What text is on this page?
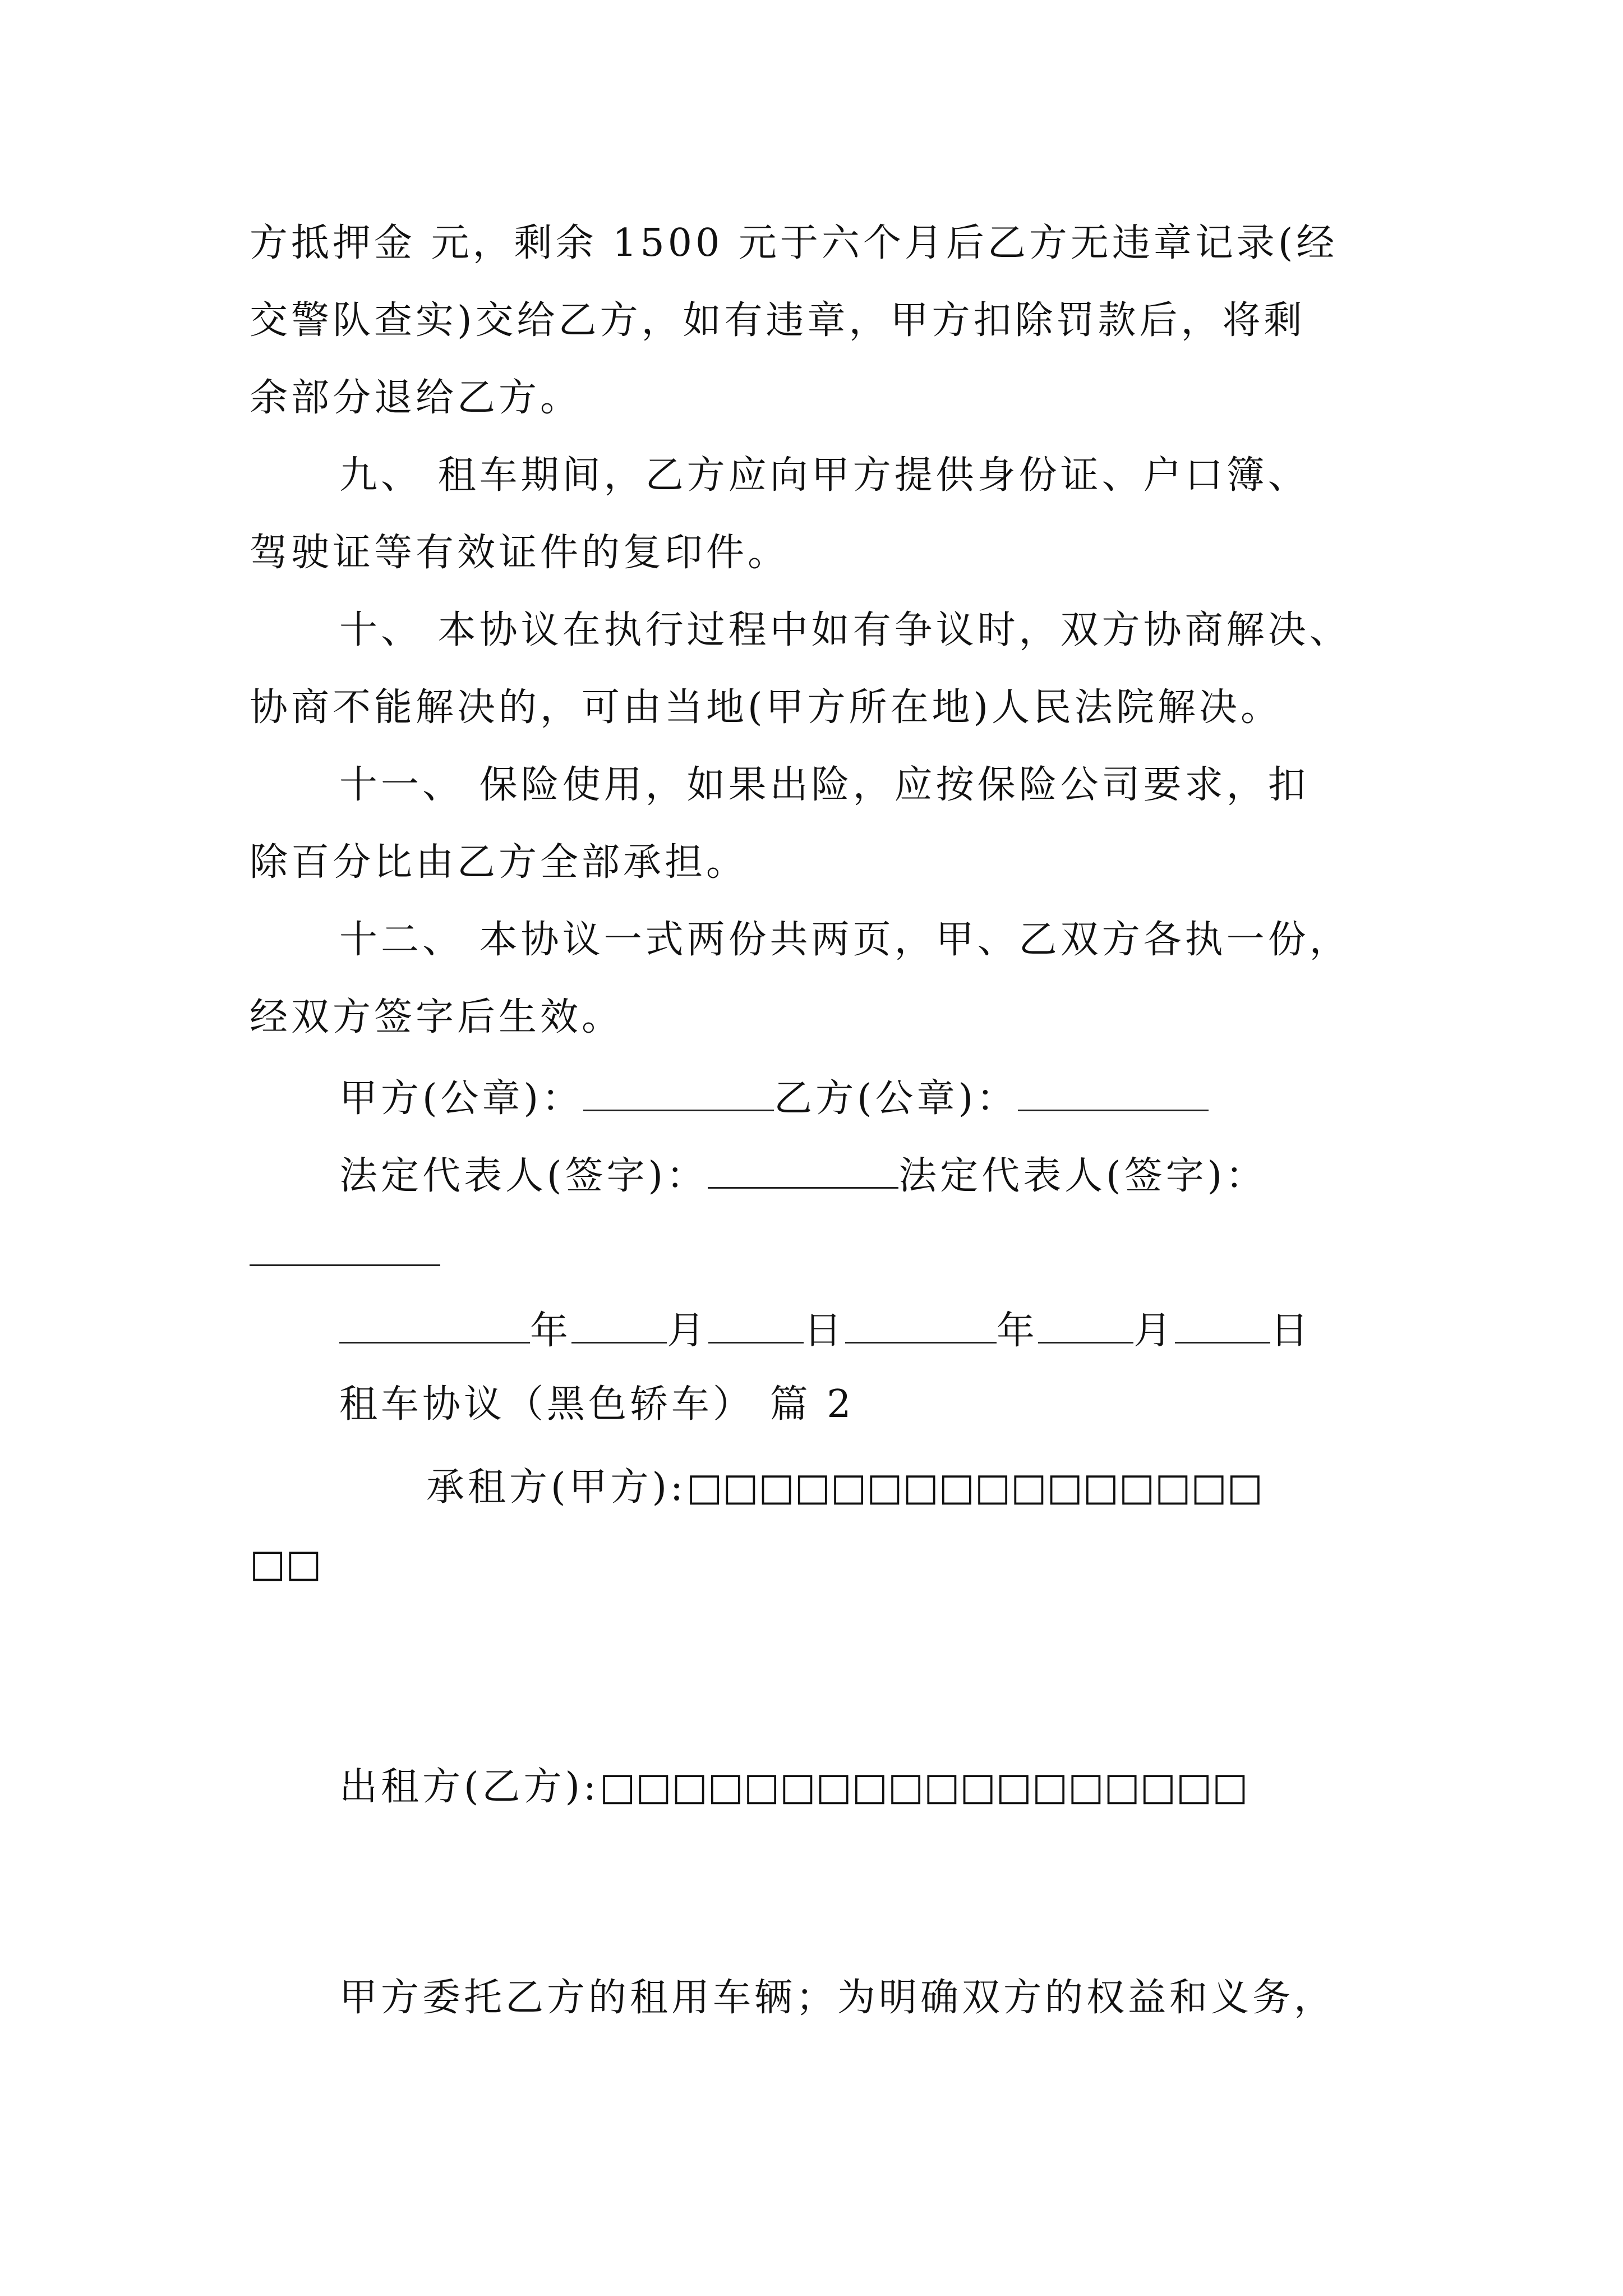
方抵押金 元，剩余 1500 元于六个月后乙方无违章记录(经
交警队查实)交给乙方，如有违章，甲方扣除罚款后，将剩
余部分退给乙方。
九、 租车期间，乙方应向甲方提供身份证、户口簿、
驾驶证等有效证件的复印件。
十、 本协议在执行过程中如有争议时，双方协商解决、
协商不能解决的，可由当地(甲方所在地)人民法院解决。
十一、 保险使用，如果出险，应按保险公司要求，扣
除百分比由乙方全部承担。
十二、 本协议一式两份共两页，甲、乙双方各执一份，
经双方签字后生效。
甲方(公章)：	乙方(公章)：
法定代表人(签字)：	法定代表人(签字)：
年	月	日	年	月	日
租车协议（黑色轿车） 篇 2
承租方(甲方):□□□□□□□□□□□□□□□□
□□
出租方(乙方):□□□□□□□□□□□□□□□□□□
甲方委托乙方的租用车辆；为明确双方的权益和义务，
